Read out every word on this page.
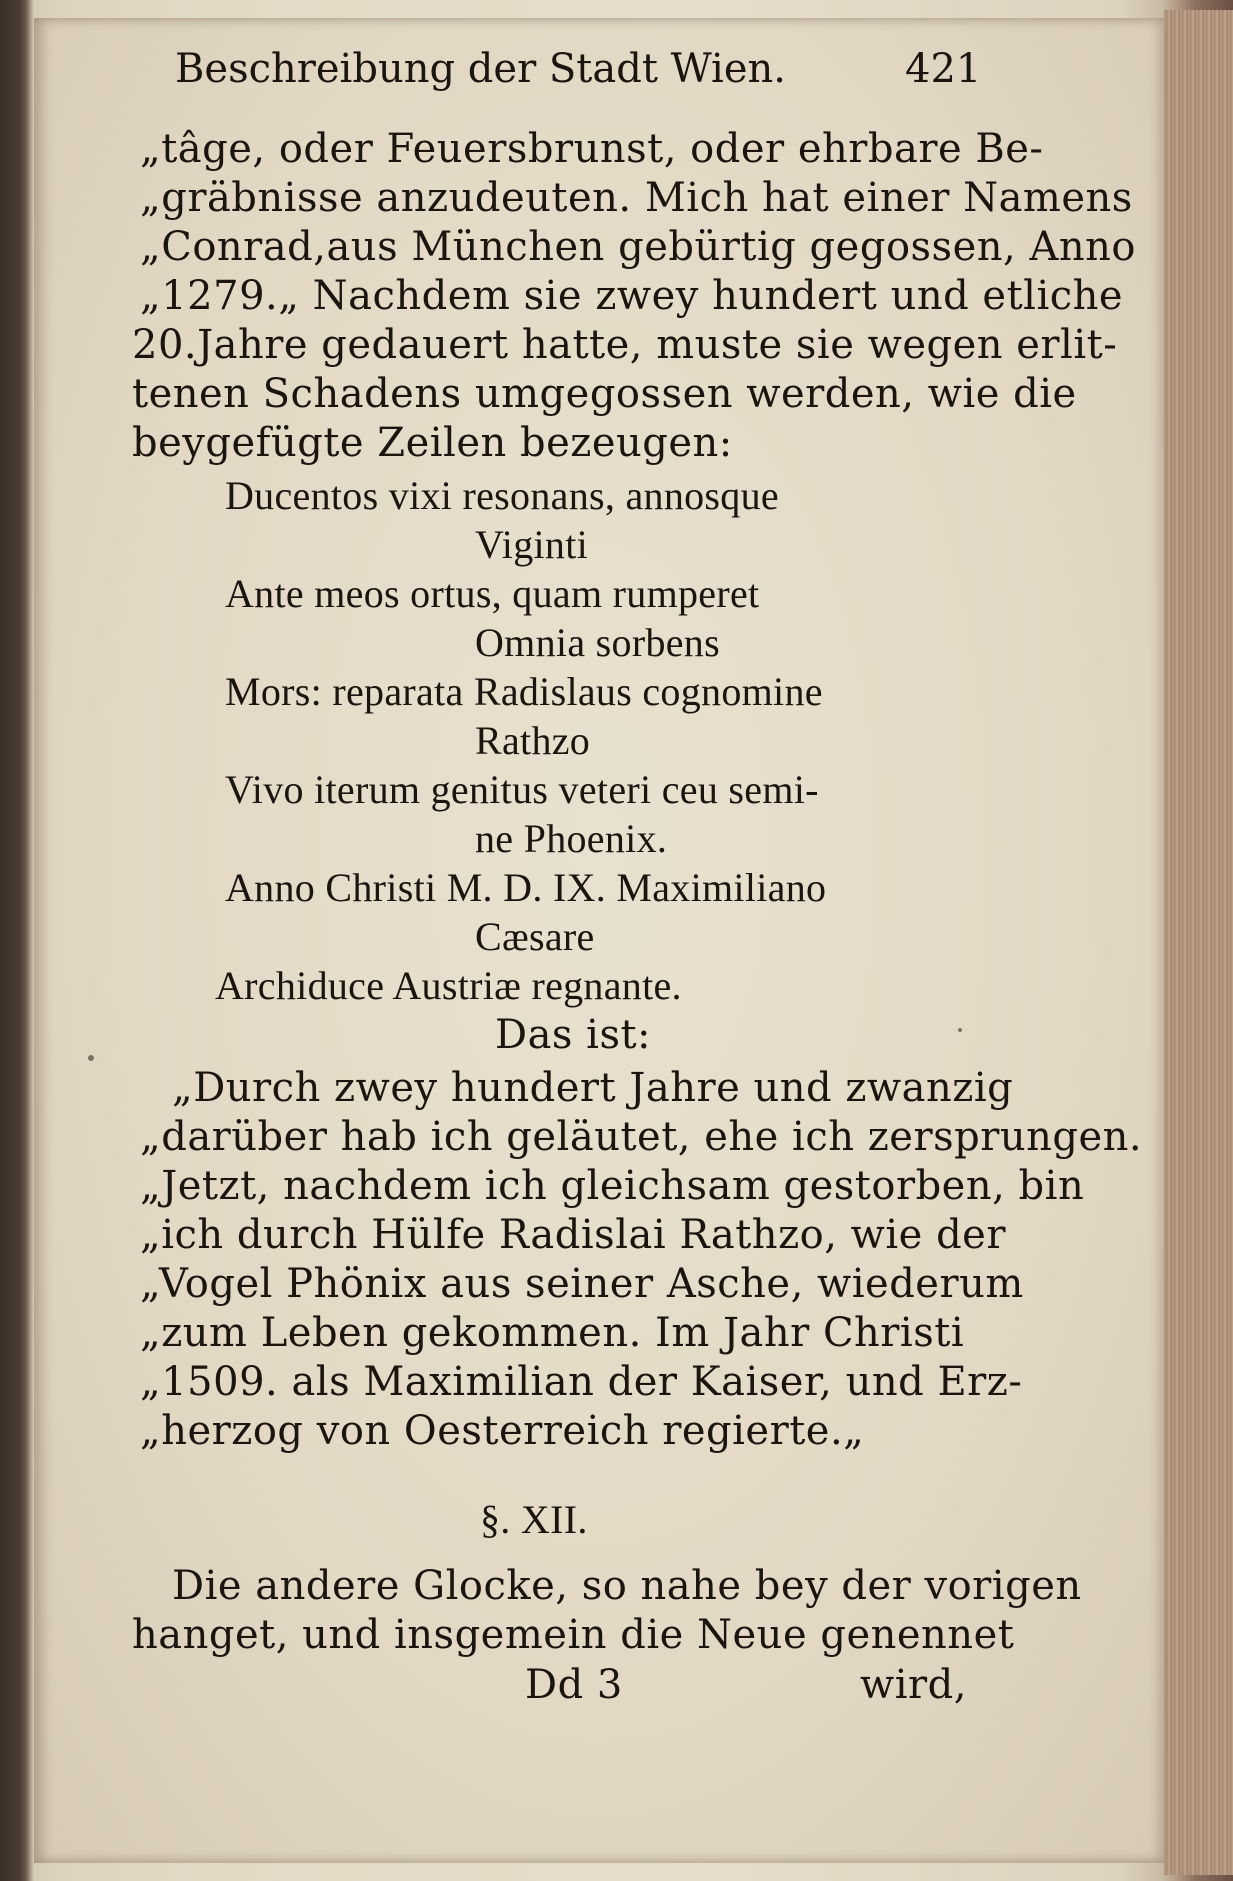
Beschreibung der Stadt Wien.	421
„tâge, oder Feuersbrunst, oder ehrbare Be-
„gräbnisse anzudeuten. Mich hat einer Namens
„Conrad,aus München gebürtig gegossen, Anno
„1279.„ Nachdem sie zwey hundert und etliche
20.Jahre gedauert hatte, muste sie wegen erlit-
tenen Schadens umgegossen werden, wie die
beygefügte Zeilen bezeugen:
Ducentos vixi resonans, annosque
Viginti
Ante meos ortus, quam rumperet
Omnia sorbens
Mors: reparata Radislaus cognomine
Rathzo
Vivo iterum genitus veteri ceu semi-
ne Phoenix.
Anno Christi M. D. IX. Maximiliano
Cæsare
Archiduce Austriæ regnante.
Das ist:
„Durch zwey hundert Jahre und zwanzig
„darüber hab ich geläutet, ehe ich zersprungen.
„Jetzt, nachdem ich gleichsam gestorben, bin
„ich durch Hülfe Radislai Rathzo, wie der
„Vogel Phönix aus seiner Asche, wiederum
„zum Leben gekommen. Im Jahr Christi
„1509. als Maximilian der Kaiser, und Erz-
„herzog von Oesterreich regierte.„
§. XII.
Die andere Glocke, so nahe bey der vorigen
hanget, und insgemein die Neue genennet
Dd 3	wird,
